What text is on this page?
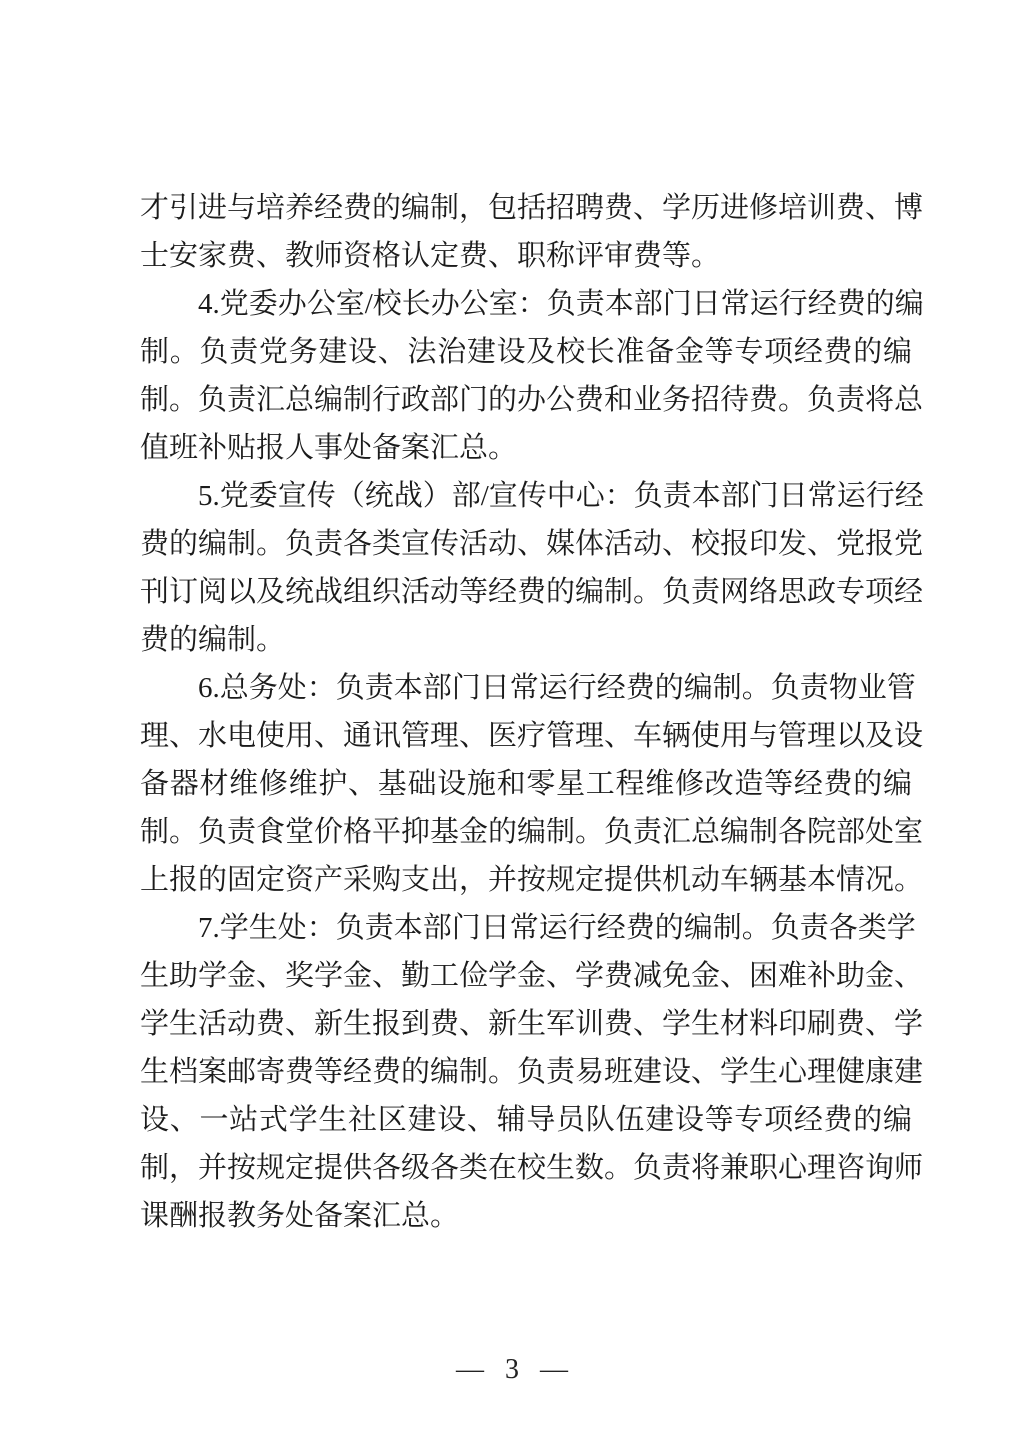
才引进与培养经费的编制，包括招聘费、学历进修培训费、博
士安家费、教师资格认定费、职称评审费等。

4.党委办公室/校长办公室：负责本部门日常运行经费的编
制。负责党务建设、法治建设及校长准备金等专项经费的编
制。负责汇总编制行政部门的办公费和业务招待费。负责将总
值班补贴报人事处备案汇总。

5.党委宣传（统战）部/宣传中心：负责本部门日常运行经
费的编制。负责各类宣传活动、媒体活动、校报印发、党报党
刊订阅以及统战组织活动等经费的编制。负责网络思政专项经
费的编制。

6.总务处：负责本部门日常运行经费的编制。负责物业管
理、水电使用、通讯管理、医疗管理、车辆使用与管理以及设
备器材维修维护、基础设施和零星工程维修改造等经费的编
制。负责食堂价格平抑基金的编制。负责汇总编制各院部处室
上报的固定资产采购支出，并按规定提供机动车辆基本情况。

7.学生处：负责本部门日常运行经费的编制。负责各类学
生助学金、奖学金、勤工俭学金、学费减免金、困难补助金、
学生活动费、新生报到费、新生军训费、学生材料印刷费、学
生档案邮寄费等经费的编制。负责易班建设、学生心理健康建
设、一站式学生社区建设、辅导员队伍建设等专项经费的编
制，并按规定提供各级各类在校生数。负责将兼职心理咨询师
课酬报教务处备案汇总。

— 3 —
